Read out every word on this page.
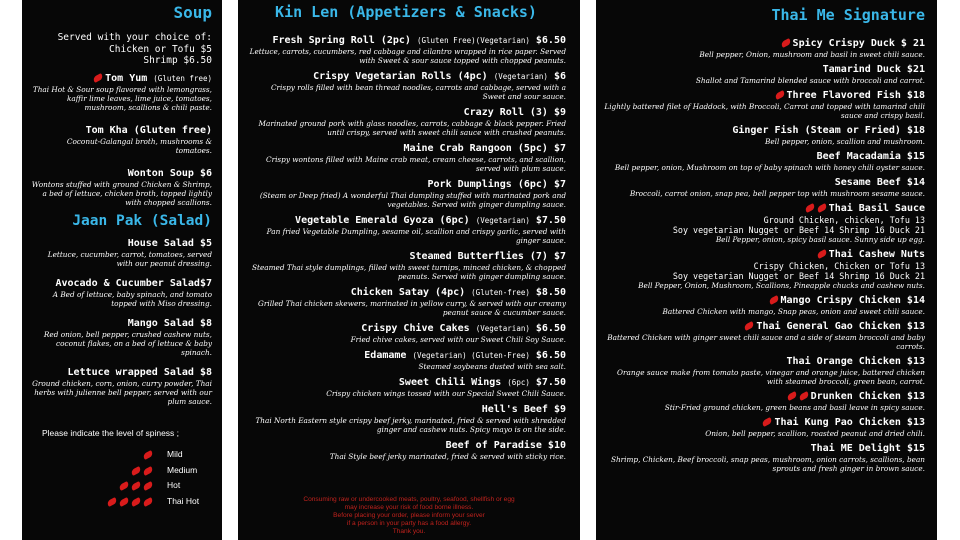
Soup
Served with your choice of:
Chicken or Tofu $5
Shrimp $6.50

Tom Yum (Gluten free)

Thai Hot & Sour soup flavored with lemongrass, kaffir lime leaves, lime juice, tomatoes, mushroom, scallions & chili paste.

Tom Kha (Gluten free)

Coconut-Galangal broth, mushrooms & tomatoes.

Wonton Soup $6

Wontons stuffed with ground Chicken & Shrimp, a bed of lettuce, chicken broth, topped lightly with chopped scallions.

Jaan Pak (Salad)

House Salad $5

Lettuce, cucumber, carrot, tomatoes, served with our peanut dressing.

Avocado & Cucumber Salad$7

A Bed of lettuce, baby spinach, and tomato topped with Miso dressing.

Mango Salad $8

Red onion, bell pepper, crushed cashew nuts, coconut flakes, on a bed of lettuce & baby spinach.

Lettuce wrapped Salad $8

Ground chicken, corn, onion, curry powder, Thai herbs with julienne bell pepper, served with our plum sauce.

Please indicate the level of spiness ;
Mild
Medium
Hot
Thai Hot
Kin Len (Appetizers & Snacks)

Fresh Spring Roll (2pc) (Gluten Free)(Vegetarian) $6.50

Lettuce, carrots, cucumbers, red cabbage and cilantro wrapped in rice paper. Served with Sweet & sour sauce topped with chopped peanuts.

Crispy Vegetarian Rolls (4pc) (Vegetarian) $6

Crispy rolls filled with bean thread noodles, carrots and cabbage, served with a Sweet and sour sauce.

Crazy Roll (3) $9

Marinated ground pork with glass noodles, carrots, cabbage & black pepper. Fried until crispy, served with sweet chili sauce with crushed peanuts.

Maine Crab Rangoon (5pc) $7

Crispy wontons filled with Maine crab meat, cream cheese, carrots, and scallion, served with plum sauce.

Pork Dumplings (6pc) $7

(Steam or Deep fried) A wonderful Thai dumpling stuffed with marinated pork and vegetables. Served with ginger dumpling sauce.

Vegetable Emerald Gyoza (6pc) (Vegetarian) $7.50

Pan fried Vegetable Dumpling, sesame oil, scallion and crispy garlic, served with ginger sauce.

Steamed Butterflies (7) $7

Steamed Thai style dumplings, filled with sweet turnips, minced chicken, & chopped peanuts. Served with ginger dumpling sauce.

Chicken Satay (4pc) (Gluten-free) $8.50

Grilled Thai chicken skewers, marinated in yellow curry, & served with our creamy peanut sauce & cucumber sauce.

Crispy Chive Cakes (Vegetarian) $6.50

Fried chive cakes, served with our Sweet Chili Soy Sauce.

Edamame (Vegetarian) (Gluten-Free) $6.50

Steamed soybeans dusted with sea salt.

Sweet Chili Wings (6pc) $7.50

Crispy chicken wings tossed with our Special Sweet Chili Sauce.

Hell's Beef $9

Thai North Eastern style crispy beef jerky, marinated, fried & served with shredded ginger and cashew nuts. Spicy mayo is on the side.

Beef of Paradise $10

Thai Style beef jerky marinated, fried & served with sticky rice.

Consuming raw or undercooked meats, poultry, seafood, shellfish or egg
may increase your risk of food borne illness.
Before placing your order, please inform your server
if a person in your party has a food allergy.
Thank you.
Thai Me Signature

Spicy Crispy Duck $ 21

Bell pepper, Onion, mushroom and basil in sweet chili sauce.

Tamarind Duck $21

Shallot and Tamarind blended sauce with broccoli and carrot.

Three Flavored Fish $18

Lightly battered filet of Haddock, with Broccoli, Carrot and topped with tamarind chili sauce and crispy basil.

Ginger Fish (Steam or Fried) $18

Bell pepper, onion, scallion and mushroom.

Beef Macadamia $15

Bell pepper, onion, Mushroom on top of baby spinach with honey chili oyster sauce.

Sesame Beef $14

Broccoli, carrot onion, snap pea, bell pepper top with mushroom sesame sauce.

Thai Basil Sauce

Ground Chicken, chicken, Tofu 13

Soy vegetarian Nugget or Beef 14 Shrimp 16 Duck 21

Bell Pepper, onion, spicy basil sauce. Sunny side up egg.

Thai Cashew Nuts

Crispy Chicken, Chicken or Tofu 13

Soy vegetarian Nugget or Beef 14 Shrimp 16 Duck 21

Bell Pepper, Onion, Mushroom, Scallions, Pineapple chucks and cashew nuts.

Mango Crispy Chicken $14

Battered Chicken with mango, Snap peas, onion and sweet chili sauce.

Thai General Gao Chicken $13

Battered Chicken with ginger sweet chili sauce and a side of steam broccoli and baby carrots.

Thai Orange Chicken $13

Orange sauce make from tomato paste, vinegar and orange juice, battered chicken with steamed broccoli, green bean, carrot.

Drunken Chicken $13

Stir-Fried ground chicken, green beans and basil leave in spicy sauce.

Thai Kung Pao Chicken $13

Onion, bell pepper, scallion, roasted peanut and dried chili.

Thai ME Delight $15

Shrimp, Chicken, Beef broccoli, snap peas, mushroom, onion carrots, scallions, bean sprouts and fresh ginger in brown sauce.
